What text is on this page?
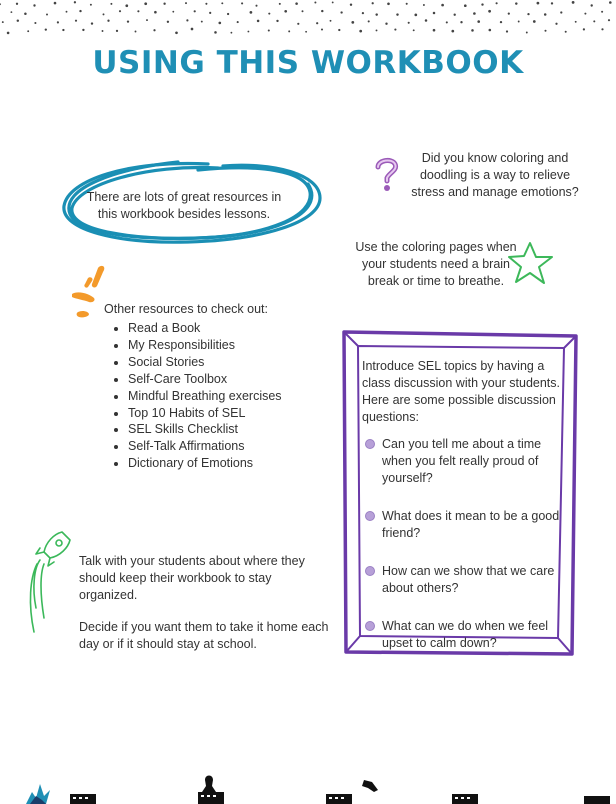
USING THIS WORKBOOK
There are lots of great resources in this workbook besides lessons.
Did you know coloring and doodling is a way to relieve stress and manage emotions?
Use the coloring pages when your students need a brain break or time to breathe.
Other resources to check out:
• Read a Book
• My Responsibilities
• Social Stories
• Self-Care Toolbox
• Mindful Breathing exercises
• Top 10 Habits of SEL
• SEL Skills Checklist
• Self-Talk Affirmations
• Dictionary of Emotions
Introduce SEL topics by having a class discussion with your students. Here are some possible discussion questions:
Can you tell me about a time when you felt really proud of yourself?
What does it mean to be a good friend?
How can we show that we care about others?
What can we do when we feel upset to calm down?

Talk with your students about where they should keep their workbook to stay organized.

Decide if you want them to take it home each day or if it should stay at school.
